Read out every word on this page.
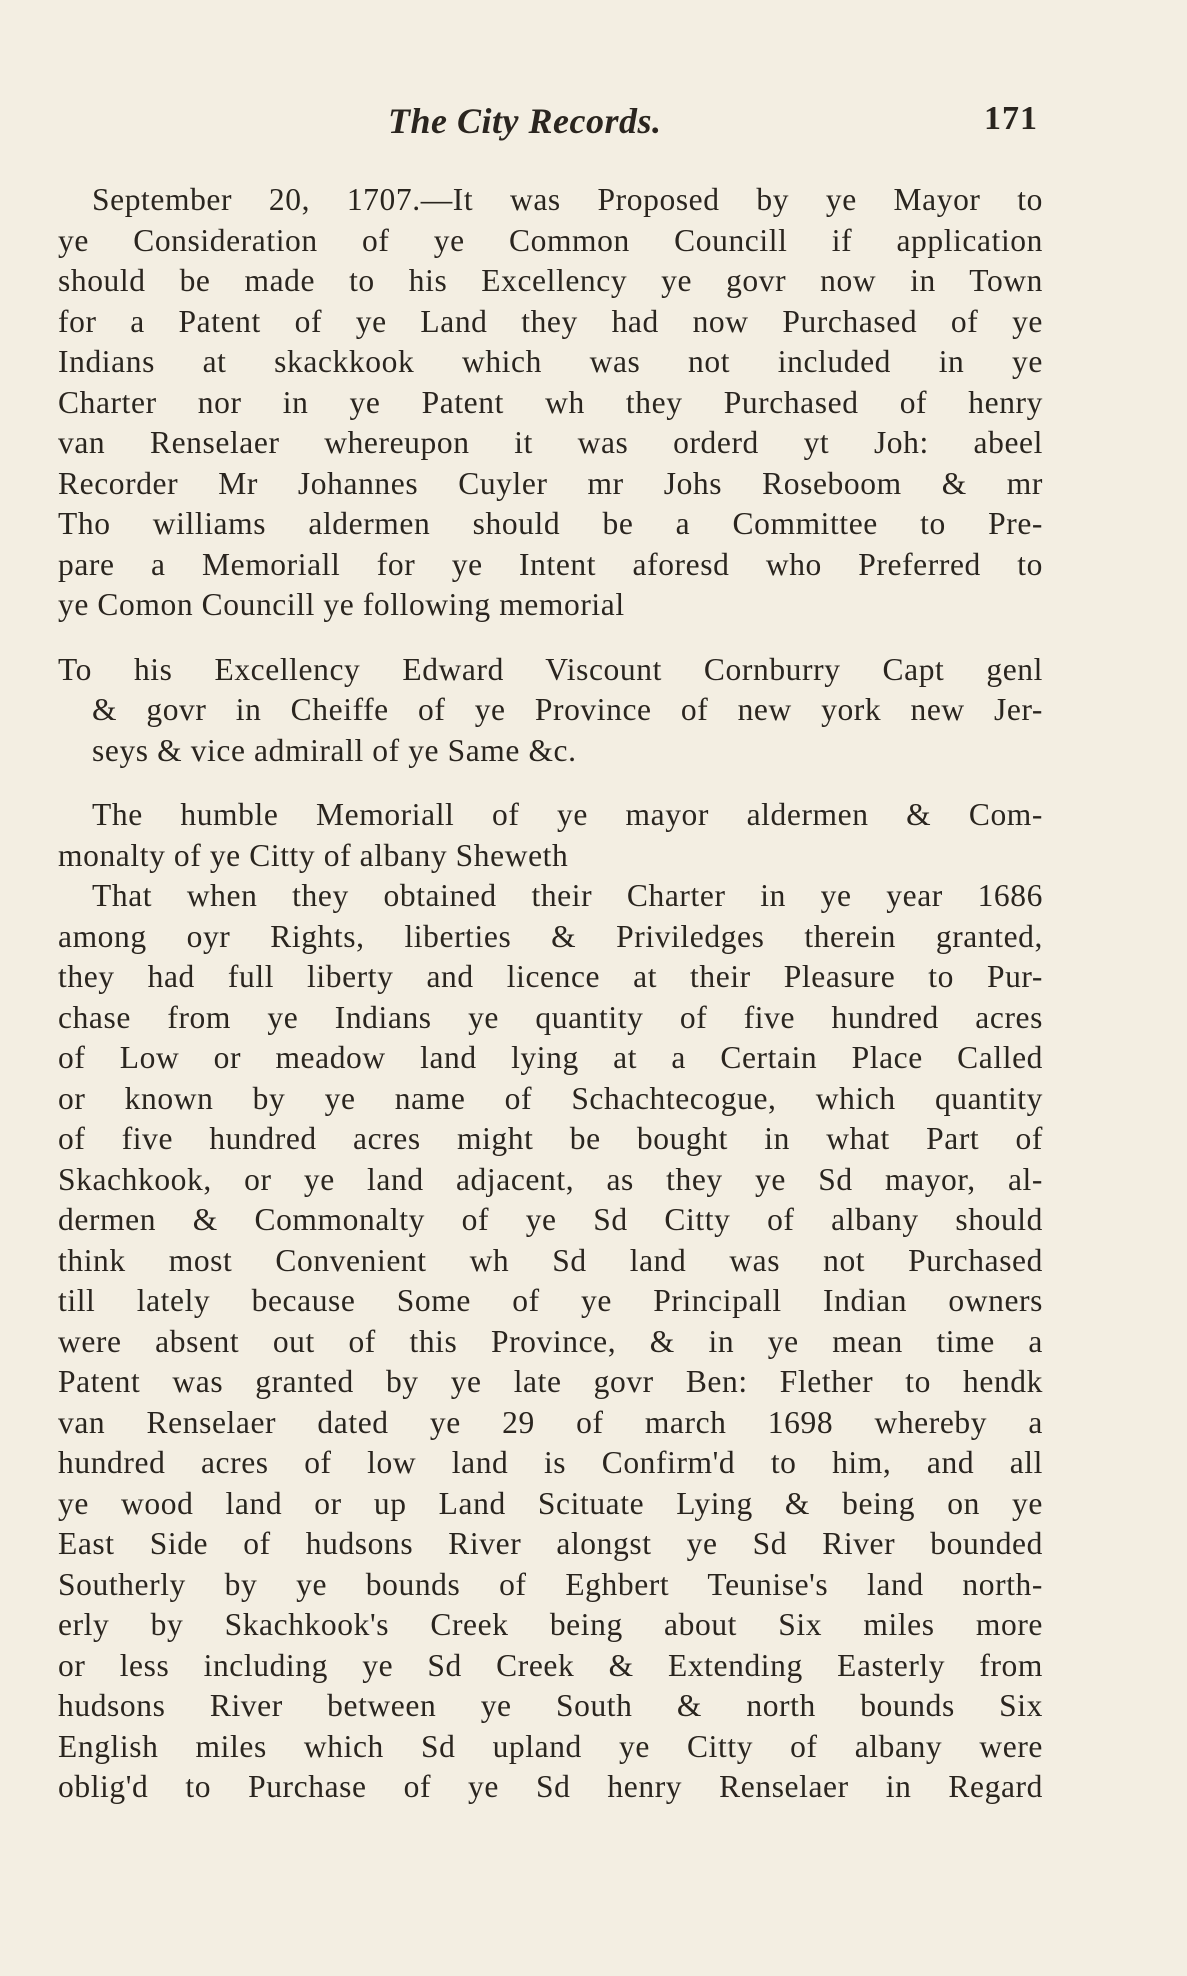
The City Records.	171

September 20, 1707.—It was Proposed by ye Mayor to
ye Consideration of ye Common Councill if application
should be made to his Excellency ye govr now in Town
for a Patent of ye Land they had now Purchased of ye
Indians at skackkook which was not included in ye
Charter nor in ye Patent wh they Purchased of henry
van Renselaer whereupon it was orderd yt Joh: abeel
Recorder Mr Johannes Cuyler mr Johs Roseboom & mr
Tho williams aldermen should be a Committee to Pre-
pare a Memoriall for ye Intent aforesd who Preferred to
ye Comon Councill ye following memorial

To his Excellency Edward Viscount Cornburry Capt genl
& govr in Cheiffe of ye Province of new york new Jer-
seys & vice admirall of ye Same &c.

The humble Memoriall of ye mayor aldermen & Com-
monalty of ye Citty of albany Sheweth

That when they obtained their Charter in ye year 1686
among oyr Rights, liberties & Priviledges therein granted,
they had full liberty and licence at their Pleasure to Pur-
chase from ye Indians ye quantity of five hundred acres
of Low or meadow land lying at a Certain Place Called
or known by ye name of Schachtecogue, which quantity
of five hundred acres might be bought in what Part of
Skachkook, or ye land adjacent, as they ye Sd mayor, al-
dermen & Commonalty of ye Sd Citty of albany should
think most Convenient wh Sd land was not Purchased
till lately because Some of ye Principall Indian owners
were absent out of this Province, & in ye mean time a
Patent was granted by ye late govr Ben: Flether to hendk
van Renselaer dated ye 29 of march 1698 whereby a
hundred acres of low land is Confirm'd to him, and all
ye wood land or up Land Scituate Lying & being on ye
East Side of hudsons River alongst ye Sd River bounded
Southerly by ye bounds of Eghbert Teunise's land north-
erly by Skachkook's Creek being about Six miles more
or less including ye Sd Creek & Extending Easterly from
hudsons River between ye South & north bounds Six
English miles which Sd upland ye Citty of albany were
oblig'd to Purchase of ye Sd henry Renselaer in Regard
